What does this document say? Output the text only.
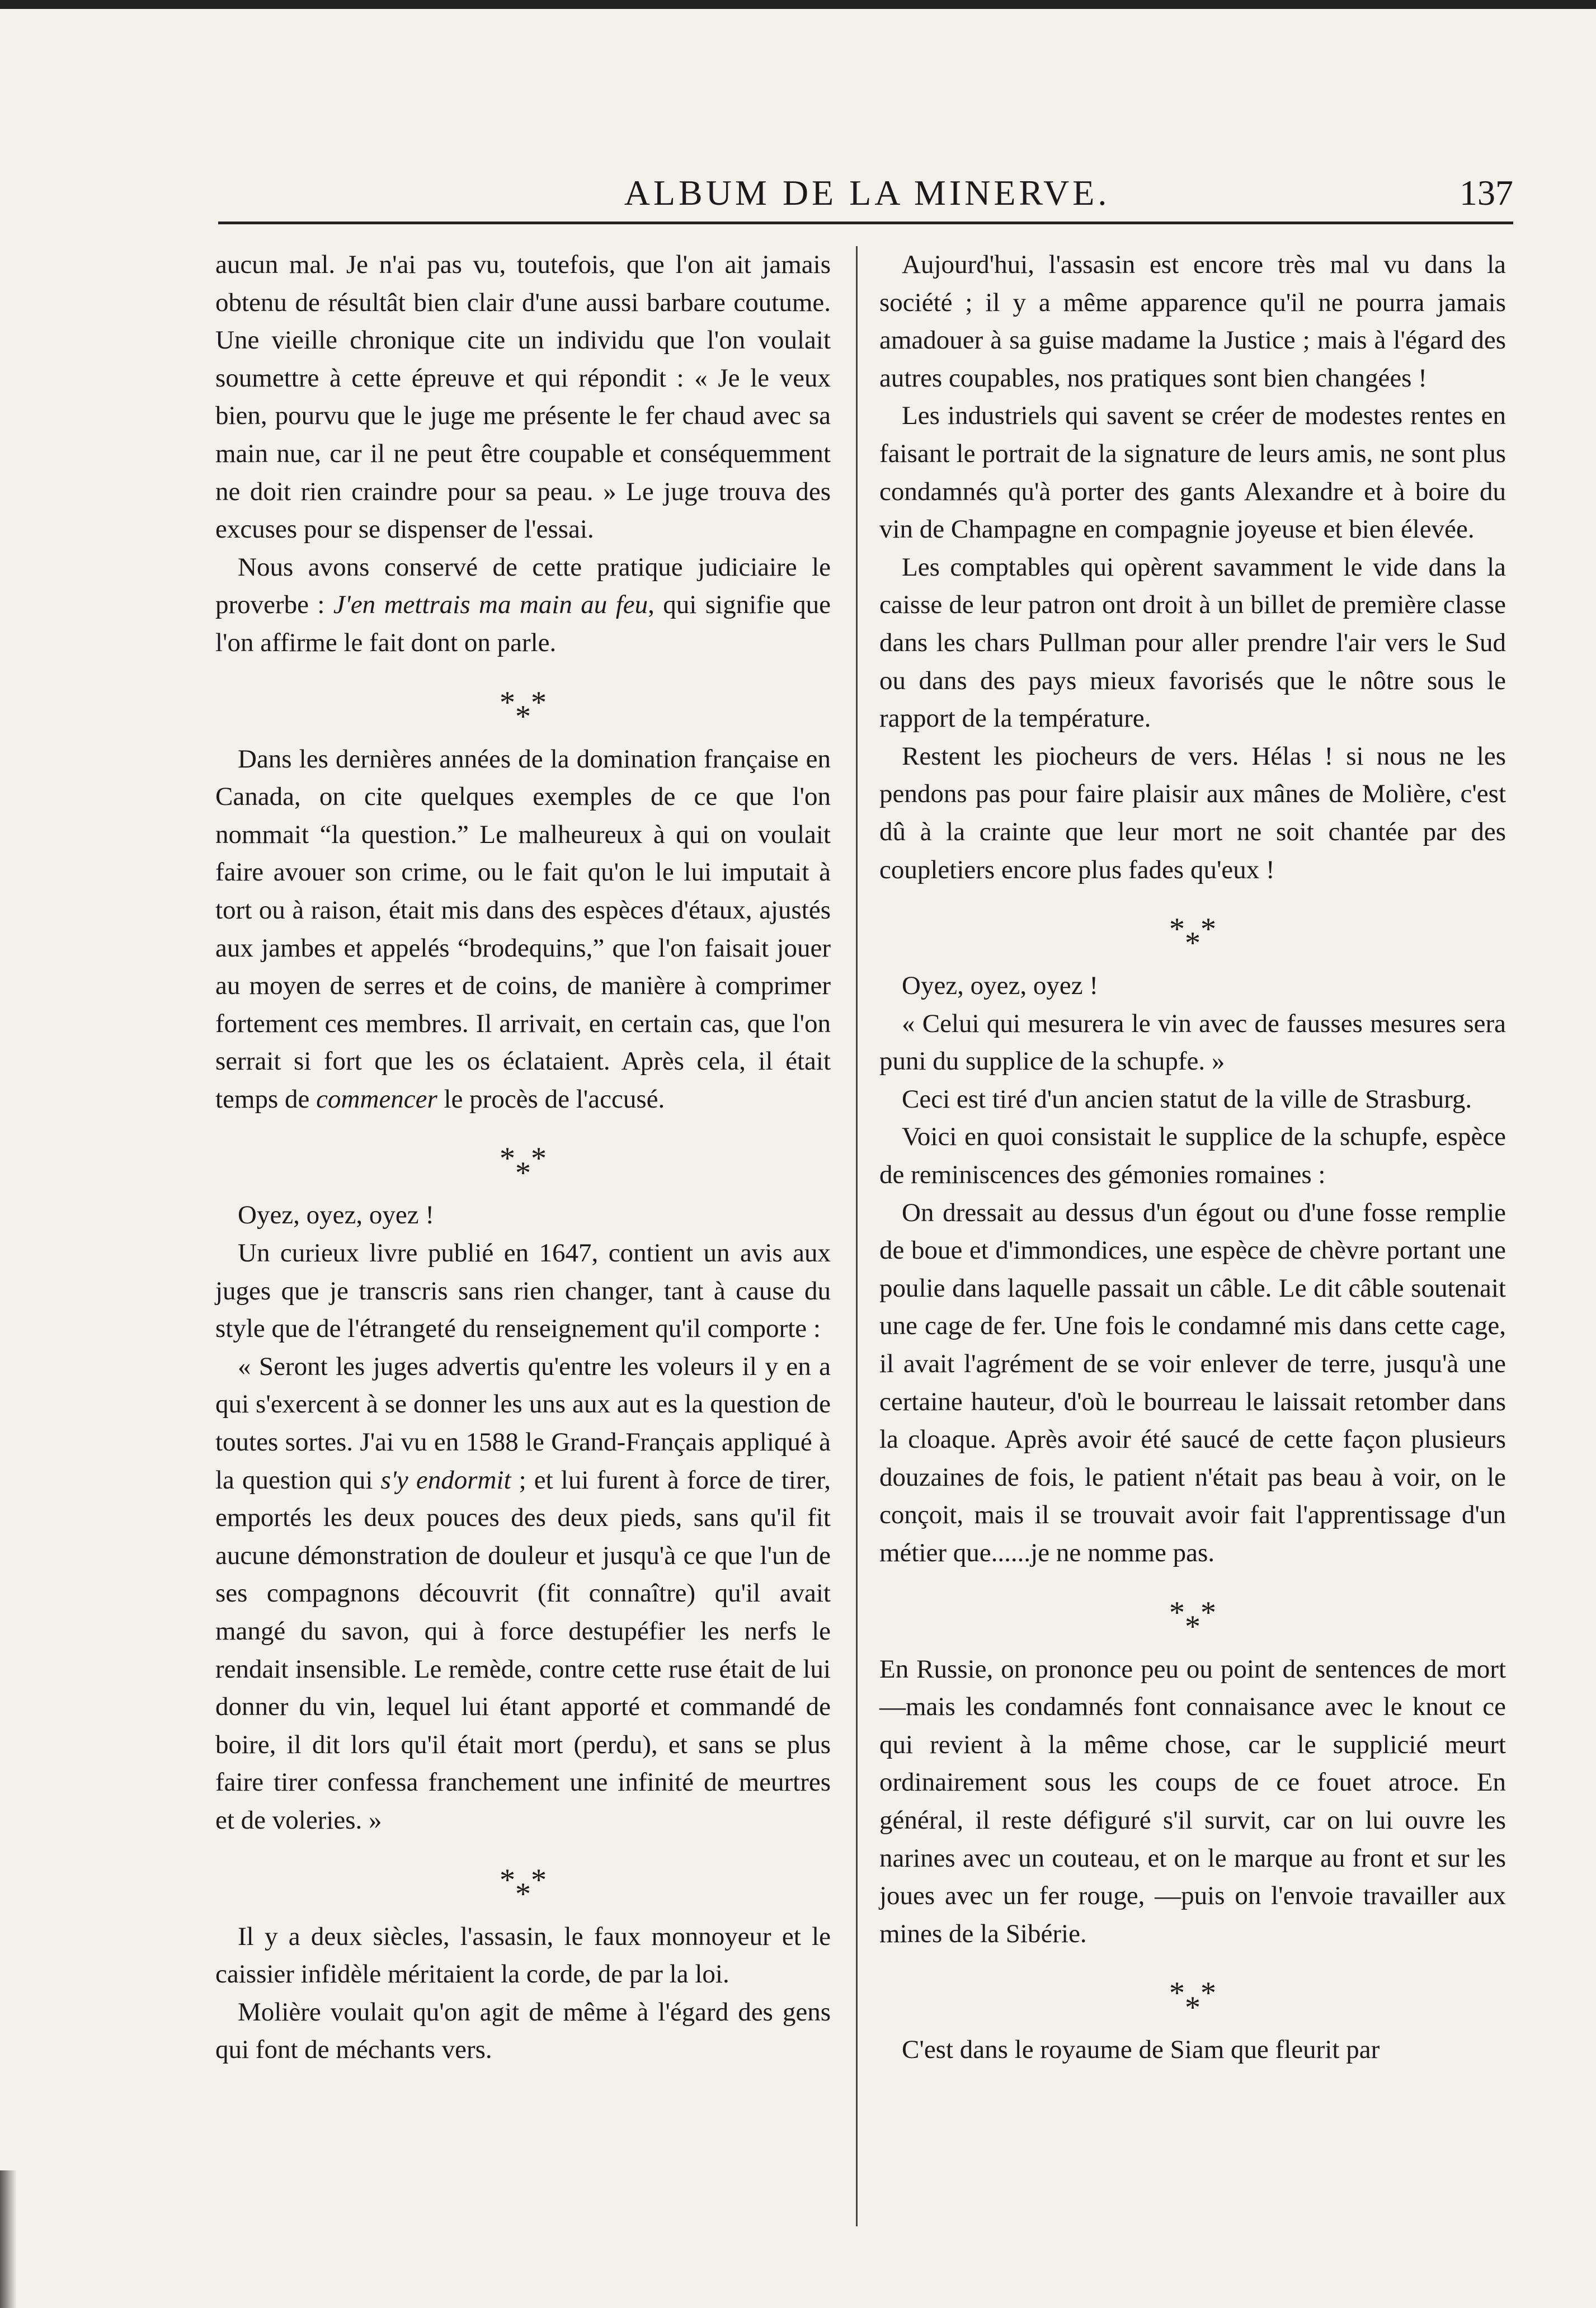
ALBUM DE LA MINERVE.	137

aucun mal. Je n'ai pas vu, toutefois, que l'on ait jamais obtenu de résultât bien clair d'une aussi barbare coutume. Une vieille chronique cite un individu que l'on voulait soumettre à cette épreuve et qui répondit : « Je le veux bien, pourvu que le juge me présente le fer chaud avec sa main nue, car il ne peut être coupable et conséquemment ne doit rien craindre pour sa peau. » Le juge trouva des excuses pour se dispenser de l'essai.

Nous avons conservé de cette pratique judiciaire le proverbe : J'en mettrais ma main au feu, qui signifie que l'on affirme le fait dont on parle.

***

Dans les dernières années de la domination française en Canada, on cite quelques exemples de ce que l'on nommait “la question.” Le malheureux à qui on voulait faire avouer son crime, ou le fait qu'on le lui imputait à tort ou à raison, était mis dans des espèces d'étaux, ajustés aux jambes et appelés “brodequins,” que l'on faisait jouer au moyen de serres et de coins, de manière à comprimer fortement ces membres. Il arrivait, en certain cas, que l'on serrait si fort que les os éclataient. Après cela, il était temps de commencer le procès de l'accusé.

***

Oyez, oyez, oyez !

Un curieux livre publié en 1647, contient un avis aux juges que je transcris sans rien changer, tant à cause du style que de l'étrangeté du renseignement qu'il comporte :

« Seront les juges advertis qu'entre les voleurs il y en a qui s'exercent à se donner les uns aux aut es la question de toutes sortes. J'ai vu en 1588 le Grand-Français appliqué à la question qui s'y endormit ; et lui furent à force de tirer, emportés les deux pouces des deux pieds, sans qu'il fit aucune démonstration de douleur et jusqu'à ce que l'un de ses compagnons découvrit (fit connaître) qu'il avait mangé du savon, qui à force destupéfier les nerfs le rendait insensible. Le remède, contre cette ruse était de lui donner du vin, lequel lui étant apporté et commandé de boire, il dit lors qu'il était mort (perdu), et sans se plus faire tirer confessa franchement une infinité de meurtres et de voleries. »

***

Il y a deux siècles, l'assasin, le faux monnoyeur et le caissier infidèle méritaient la corde, de par la loi.

Molière voulait qu'on agit de même à l'égard des gens qui font de méchants vers.

Aujourd'hui, l'assasin est encore très mal vu dans la société ; il y a même apparence qu'il ne pourra jamais amadouer à sa guise madame la Justice ; mais à l'égard des autres coupables, nos pratiques sont bien changées !

Les industriels qui savent se créer de modestes rentes en faisant le portrait de la signature de leurs amis, ne sont plus condamnés qu'à porter des gants Alexandre et à boire du vin de Champagne en compagnie joyeuse et bien élevée.

Les comptables qui opèrent savamment le vide dans la caisse de leur patron ont droit à un billet de première classe dans les chars Pullman pour aller prendre l'air vers le Sud ou dans des pays mieux favorisés que le nôtre sous le rapport de la température.

Restent les piocheurs de vers. Hélas ! si nous ne les pendons pas pour faire plaisir aux mânes de Molière, c'est dû à la crainte que leur mort ne soit chantée par des coupletiers encore plus fades qu'eux !

***

Oyez, oyez, oyez !

« Celui qui mesurera le vin avec de fausses mesures sera puni du supplice de la schupfe. »

Ceci est tiré d'un ancien statut de la ville de Strasburg.

Voici en quoi consistait le supplice de la schupfe, espèce de reminiscences des gémonies romaines :

On dressait au dessus d'un égout ou d'une fosse remplie de boue et d'immondices, une espèce de chèvre portant une poulie dans laquelle passait un câble. Le dit câble soutenait une cage de fer. Une fois le condamné mis dans cette cage, il avait l'agrément de se voir enlever de terre, jusqu'à une certaine hauteur, d'où le bourreau le laissait retomber dans la cloaque. Après avoir été saucé de cette façon plusieurs douzaines de fois, le patient n'était pas beau à voir, on le conçoit, mais il se trouvait avoir fait l'apprentissage d'un métier que......je ne nomme pas.

***

En Russie, on prononce peu ou point de sentences de mort—mais les condamnés font connaisance avec le knout ce qui revient à la même chose, car le supplicié meurt ordinairement sous les coups de ce fouet atroce. En général, il reste défiguré s'il survit, car on lui ouvre les narines avec un couteau, et on le marque au front et sur les joues avec un fer rouge, —puis on l'envoie travailler aux mines de la Sibérie.

***

C'est dans le royaume de Siam que fleurit par
